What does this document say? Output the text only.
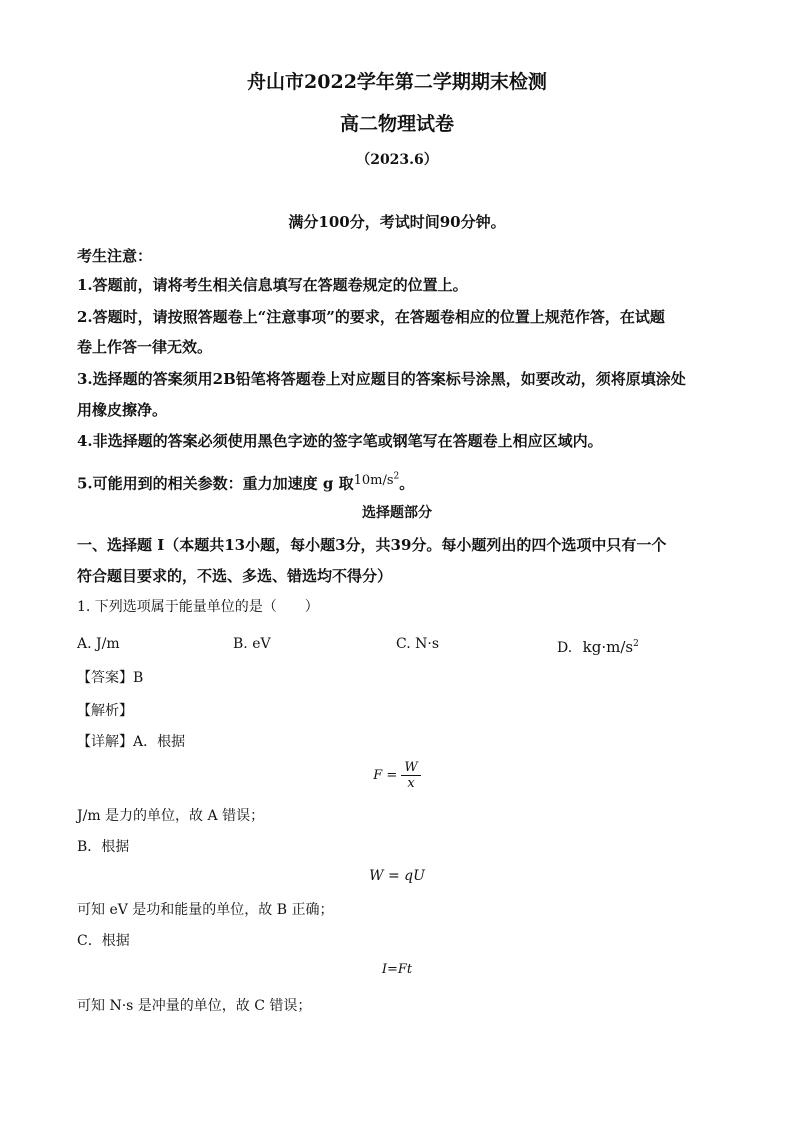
舟山市2022学年第二学期期末检测
高二物理试卷
（2023.6）
满分100分，考试时间90分钟。
考生注意：
1.答题前，请将考生相关信息填写在答题卷规定的位置上。
2.答题时，请按照答题卷上“注意事项”的要求，在答题卷相应的位置上规范作答，在试题
卷上作答一律无效。
3.选择题的答案须用2B铅笔将答题卷上对应题目的答案标号涂黑，如要改动，须将原填涂处
用橡皮擦净。
4.非选择题的答案必须使用黑色字迹的签字笔或钢笔写在答题卷上相应区域内。
5.可能用到的相关参数：重力加速度 g 取$10m/s^2$。
选择题部分
一、选择题 I（本题共13小题，每小题3分，共39分。每小题列出的四个选项中只有一个
符合题目要求的，不选、多选、错选均不得分）
1. 下列选项属于能量单位的是（　　）
A. J/m	B. eV	C. N·s	D. $kg\cdot m/s^2$
【答案】B
【解析】
【详解】A．根据
$F = \frac{W}{x}$
J/m 是力的单位，故 A 错误；
B．根据
W = qU
可知 eV 是功和能量的单位，故 B 正确；
C．根据
I=Ft
可知 N·s 是冲量的单位，故 C 错误；
